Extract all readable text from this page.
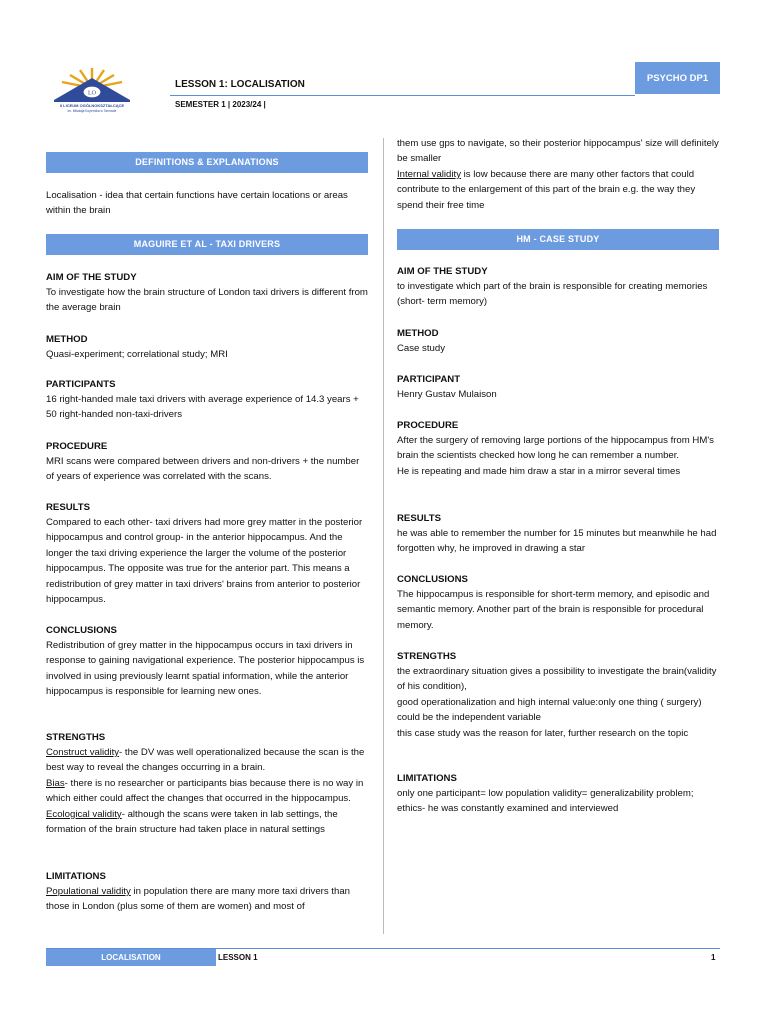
LO
II LICEUM OGÓLNOKSZTAŁCĄCE
im. Mikołaja Kopernika w Tarnowie
LESSON 1: LOCALISATION
SEMESTER 1 | 2023/24 |
PSYCHO DP1
DEFINITIONS & EXPLANATIONS
Localisation - idea that certain functions have certain locations or areas within the brain
MAGUIRE ET AL - TAXI DRIVERS
AIM OF THE STUDY
To investigate how the brain structure of London taxi drivers is different from the average brain
METHOD
Quasi-experiment; correlational study; MRI
PARTICIPANTS
16 right-handed male taxi drivers with average experience of 14.3 years + 50 right-handed non-taxi-drivers
PROCEDURE
MRI scans were compared between drivers and non-drivers + the number of years of experience was correlated with the scans.
RESULTS
Compared to each other- taxi drivers had more grey matter in the posterior hippocampus and control group- in the anterior hippocampus. And the longer the taxi driving experience the larger the volume of the posterior hippocampus. The opposite was true for the anterior part. This means a redistribution of grey matter in taxi drivers' brains from anterior to posterior hippocampus.
CONCLUSIONS
Redistribution of grey matter in the hippocampus occurs in taxi drivers in response to gaining navigational experience. The posterior hippocampus is involved in using previously learnt spatial information, while the anterior hippocampus is responsible for learning new ones.
STRENGTHS
Construct validity- the DV was well operationalized because the scan is the best way to reveal the changes occurring in a brain.
Bias- there is no researcher or participants bias because there is no way in which either could affect the changes that occurred in the hippocampus.
Ecological validity- although the scans were taken in lab settings, the formation of the brain structure had taken place in natural settings
LIMITATIONS
Populational validity in population there are many more taxi drivers than those in London (plus some of them are women) and most of
them use gps to navigate, so their posterior hippocampus' size will definitely be smaller
Internal validity is low because there are many other factors that could contribute to the enlargement of this part of the brain e.g. the way they spend their free time
HM - CASE STUDY
AIM OF THE STUDY
to investigate which part of the brain is responsible for creating memories (short- term memory)
METHOD
Case study
PARTICIPANT
Henry Gustav Mulaison
PROCEDURE
After the surgery of removing large portions of the hippocampus from HM's brain the scientists checked how long he can remember a number.
He is repeating and made him draw a star in a mirror several times
RESULTS
he was able to remember the number for 15 minutes but meanwhile he had forgotten why, he improved in drawing a star
CONCLUSIONS
The hippocampus is responsible for short-term memory, and episodic and semantic memory. Another part of the brain is responsible for procedural memory.
STRENGTHS
the extraordinary situation gives a possibility to investigate the brain(validity of his condition),
good operationalization and high internal value:only one thing ( surgery) could be the independent variable
this case study was the reason for later, further research on the topic
LIMITATIONS
only one participant= low population validity= generalizability problem; ethics- he was constantly examined and interviewed
LOCALISATION	LESSON 1	1
